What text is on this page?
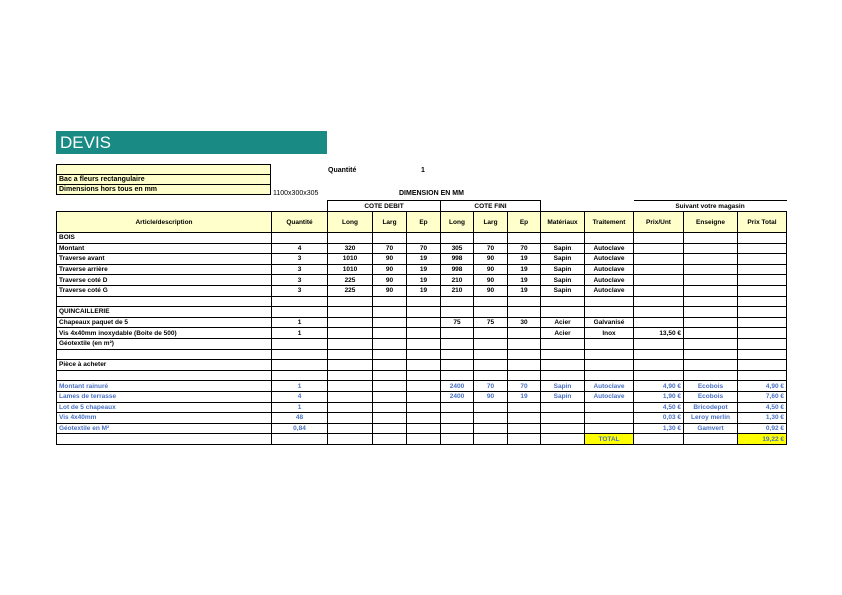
DEVIS

Bac a fleurs rectangulaire
Dimensions hors tous en mm
Quantité	1
1100x300x305	DIMENSION EN MM
		COTE DEBIT			COTE FINI					Suivant votre magasin		
Article/description	Quantité	Long	Larg	Ep	Long	Larg	Ep	Matériaux	Traitement	Prix/Unt	Enseigne	Prix Total
BOIS												
Montant	4	320	70	70	305	70	70	Sapin	Autoclave			
Traverse avant	3	1010	90	19	998	90	19	Sapin	Autoclave			
Traverse arrière	3	1010	90	19	998	90	19	Sapin	Autoclave			
Traverse coté D	3	225	90	19	210	90	19	Sapin	Autoclave			
Traverse coté G	3	225	90	19	210	90	19	Sapin	Autoclave			

QUINCAILLERIE												
Chapeaux paquet de 5	1				75	75	30	Acier	Galvanisé			
Vis 4x40mm inoxydable (Boite de 500)	1							Acier	Inox	13,50 €		
Géotextile (en m²)												

Pièce à acheter												

Montant rainuré	1				2400	70	70	Sapin	Autoclave	4,90 €	Ecobois	4,90 €
Lames de terrasse	4				2400	90	19	Sapin	Autoclave	1,90 €	Ecobois	7,60 €
Lot de 5 chapeaux	1									4,50 €	Bricodepot	4,50 €
Vis 4x40mm	48									0,03 €	Leroy merlin	1,30 €
Géotextile en M²	0,84									1,30 €	Gamvert	0,92 €
									TOTAL			19,22 €
